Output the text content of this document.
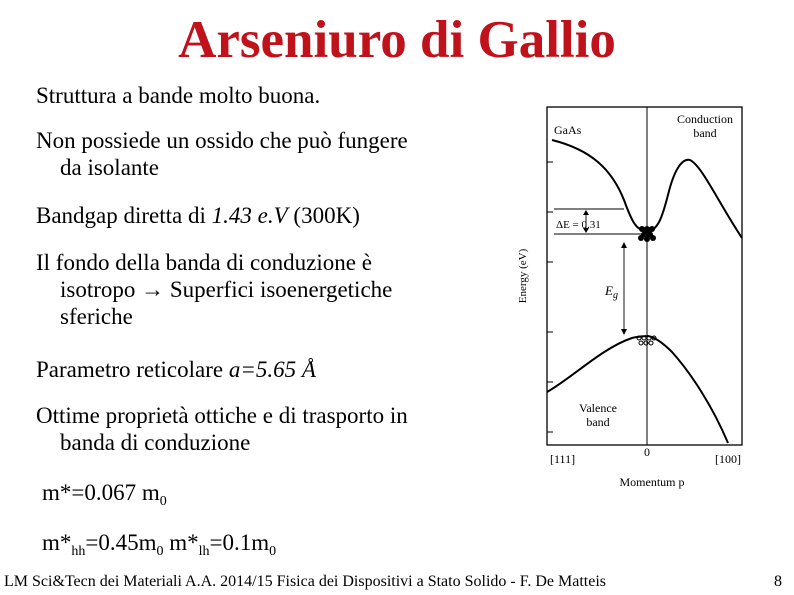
Arseniuro di Gallio
Struttura a bande molto buona.
Non possiede un ossido che può fungere
da isolante
Bandgap diretta di 1.43 e.V (300K)
Il fondo della banda di conduzione è
isotropo → Superfici isoenergetiche
sferiche
Parametro reticolare a=5.65 Å
Ottime proprietà ottiche e di trasporto in
banda di conduzione
m*=0.067 $m_0$
$m*_{hh}=0.45m_0$ $m*_{lh}=0.1m_0$
GaAs
Conduction
band
ΔE = 0.31
$E_g$
Energy (eV)
Valence
band
[111]	0	[100]
Momentum p
LM Sci&Tecn dei Materiali A.A. 2014/15 Fisica dei Dispositivi a Stato Solido - F. De Matteis	8
